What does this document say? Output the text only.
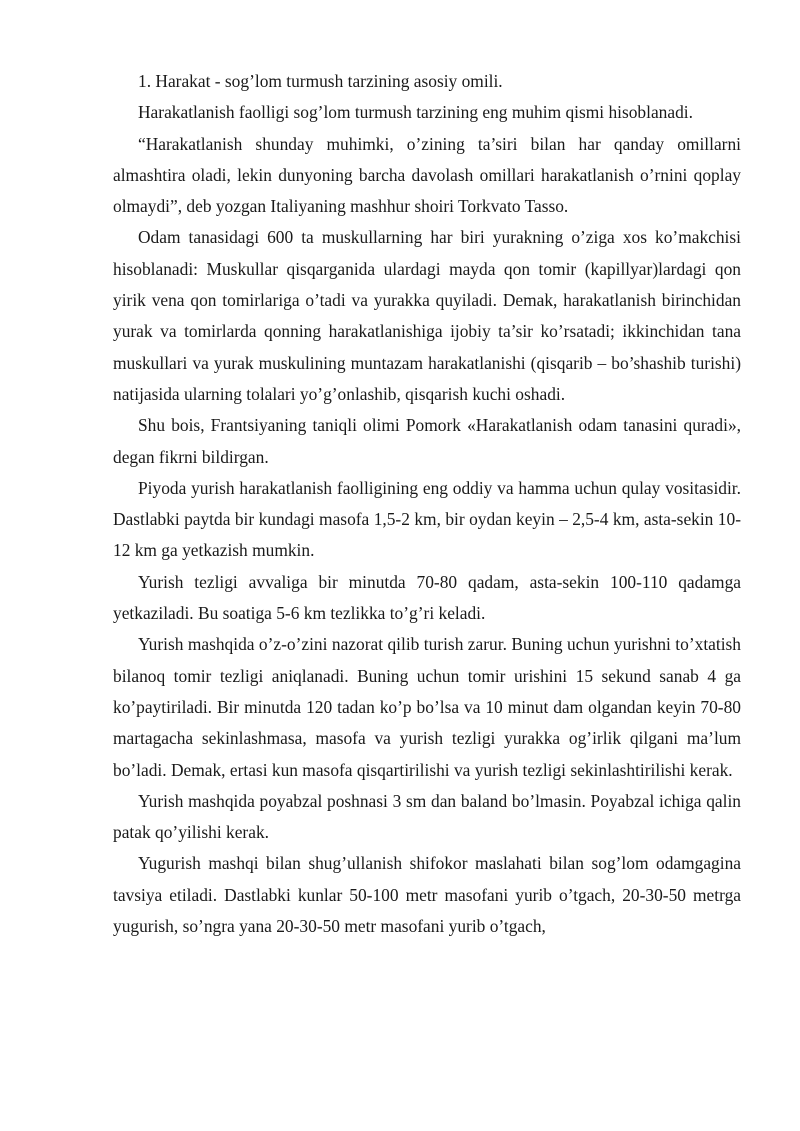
1. Harakat - sog’lom turmush tarzining asosiy omili.

Harakatlanish faolligi sog’lom turmush tarzining eng muhim qismi hisoblanadi.

“Harakatlanish shunday muhimki, o’zining ta’siri bilan har qanday omillarni almashtira oladi, lekin dunyoning barcha davolash omillari harakatlanish o’rnini qoplay olmaydi”, deb yozgan Italiyaning mashhur shoiri Torkvato Tasso.

Odam tanasidagi 600 ta muskullarning har biri yurakning o’ziga xos ko’makchisi hisoblanadi: Muskullar qisqarganida ulardagi mayda qon tomir (kapillyar)lardagi qon yirik vena qon tomirlariga o’tadi va yurakka quyiladi. Demak, harakatlanish birinchidan yurak va tomirlarda qonning harakatlanishiga ijobiy ta’sir ko’rsatadi; ikkinchidan tana muskullari va yurak muskulining muntazam harakatlanishi (qisqarib – bo’shashib turishi) natijasida ularning tolalari yo’g’onlashib, qisqarish kuchi oshadi.

Shu bois, Frantsiyaning taniqli olimi Pomork «Harakatlanish odam tanasini quradi», degan fikrni bildirgan.

Piyoda yurish harakatlanish faolligining eng oddiy va hamma uchun qulay vositasidir. Dastlabki paytda bir kundagi masofa 1,5-2 km, bir oydan keyin – 2,5-4 km, asta-sekin 10-12 km ga yetkazish mumkin.

Yurish tezligi avvaliga bir minutda 70-80 qadam, asta-sekin 100-110 qadamga yetkaziladi. Bu soatiga 5-6 km tezlikka to’g’ri keladi.

Yurish mashqida o’z-o’zini nazorat qilib turish zarur. Buning uchun yurishni to’xtatish bilanoq tomir tezligi aniqlanadi. Buning uchun tomir urishini 15 sekund sanab 4 ga ko’paytiriladi. Bir minutda 120 tadan ko’p bo’lsa va 10 minut dam olgandan keyin 70-80 martagacha sekinlashmasa, masofa va yurish tezligi yurakka og’irlik qilgani ma’lum bo’ladi. Demak, ertasi kun masofa qisqartirilishi va yurish tezligi sekinlashtirilishi kerak.

Yurish mashqida poyabzal poshnasi 3 sm dan baland bo’lmasin. Poyabzal ichiga qalin patak qo’yilishi kerak.

Yugurish mashqi bilan shug’ullanish shifokor maslahati bilan sog’lom odamgagina tavsiya etiladi. Dastlabki kunlar 50-100 metr masofani yurib o’tgach, 20-30-50 metrga yugurish, so’ngra yana 20-30-50 metr masofani yurib o’tgach,
